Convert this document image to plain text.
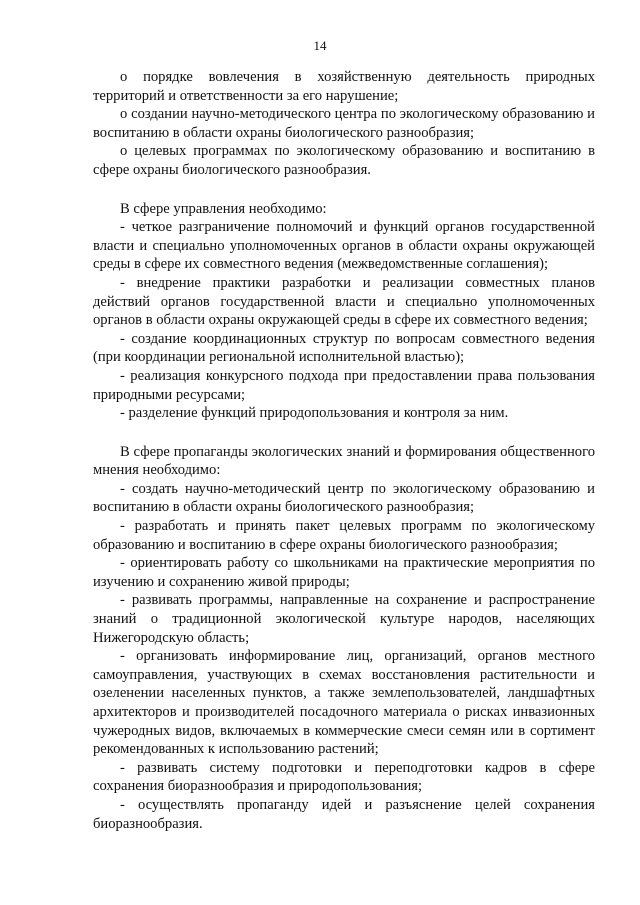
14

о порядке вовлечения в хозяйственную деятельность природных территорий и ответственности за его нарушение;

о создании научно-методического центра по экологическому образованию и воспитанию в области охраны биологического разнообразия;

о целевых программах по экологическому образованию и воспитанию в сфере охраны биологического разнообразия.

В сфере управления необходимо:

- четкое разграничение полномочий и функций органов государственной власти и специально уполномоченных органов в области охраны окружающей среды в сфере их совместного ведения (межведомственные соглашения);

- внедрение практики разработки и реализации совместных планов действий органов государственной власти и специально уполномоченных органов в области охраны окружающей среды в сфере их совместного ведения;

- создание координационных структур по вопросам совместного ведения (при координации региональной исполнительной властью);

- реализация конкурсного подхода при предоставлении права пользования природными ресурсами;

- разделение функций природопользования и контроля за ним.

В сфере пропаганды экологических знаний и формирования общественного мнения необходимо:

- создать научно-методический центр по экологическому образованию и воспитанию в области охраны биологического разнообразия;

- разработать и принять пакет целевых программ по экологическому образованию и воспитанию в сфере охраны биологического разнообразия;

- ориентировать работу со школьниками на практические мероприятия по изучению и сохранению живой природы;

- развивать программы, направленные на сохранение и распространение знаний о традиционной экологической культуре народов, населяющих Нижегородскую область;

- организовать информирование лиц, организаций, органов местного самоуправления, участвующих в схемах восстановления растительности и озеленении населенных пунктов, а также землепользователей, ландшафтных архитекторов и производителей посадочного материала о рисках инвазионных чужеродных видов, включаемых в коммерческие смеси семян или в сортимент рекомендованных к использованию растений;

- развивать систему подготовки и переподготовки кадров в сфере сохранения биоразнообразия и природопользования;

- осуществлять пропаганду идей и разъяснение целей сохранения биоразнообразия.
